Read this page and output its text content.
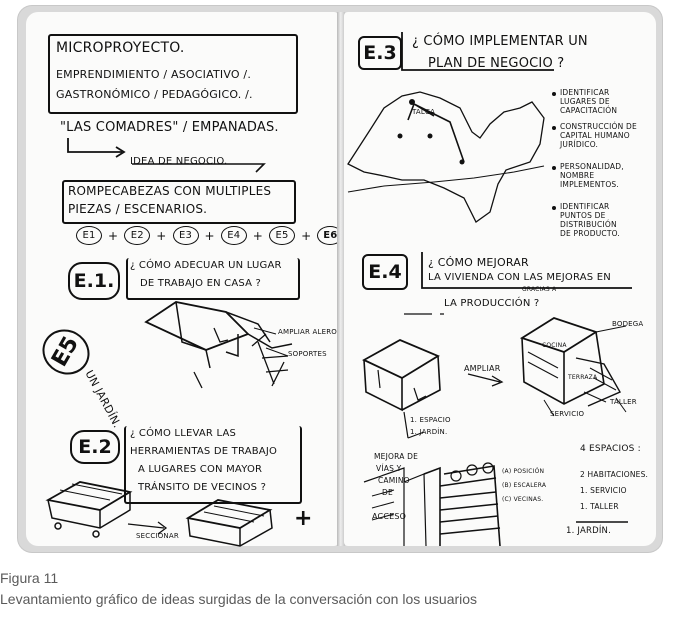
MICROPROYECTO.
EMPRENDIMIENTO / ASOCIATIVO /.
GASTRONÓMICO / PEDAGÓGICO. /.
"LAS COMADRES" / EMPANADAS.
IDEA DE NEGOCIO.
ROMPECABEZAS CON MULTIPLES
PIEZAS / ESCENARIOS.
E1	+	E2	+	E3	+	E4	+	E5	+	E6
E.1.
¿ CÓMO ADECUAR UN LUGAR
DE TRABAJO EN CASA ?
AMPLIAR ALERO
SOPORTES
E5
UN JARDÍN.
E.2
¿ CÓMO LLEVAR LAS
HERRAMIENTAS DE TRABAJO
A LUGARES CON MAYOR
TRÁNSITO DE VECINOS ?
SECCIONAR
+
E.3
¿ CÓMO IMPLEMENTAR UN
PLAN DE NEGOCIO ?
TALCA
IDENTIFICAR
LUGARES DE
CAPACITACIÓN
CONSTRUCCIÓN DE
CAPITAL HUMANO
JURÍDICO.
PERSONALIDAD,
NOMBRE
IMPLEMENTOS.
IDENTIFICAR
PUNTOS DE
DISTRIBUCIÓN
DE PRODUCTO.
E.4	¿ CÓMO MEJORAR
LA VIVIENDA CON LAS MEJORAS EN
GRACIAS A
LA PRODUCCIÓN ?
AMPLIAR
1. ESPACIO
1. JARDÍN.
BODEGA
SERVICIO
TALLER
COCINA
TERRAZA
MEJORA DE
VÍAS Y
CAMINO
DE
ACCESO
(A) POSICIÓN
(B) ESCALERA
(C) VECINAS.
4 ESPACIOS :
2 HABITACIONES.
1. SERVICIO
1. TALLER
1. JARDÍN.
Figura 11
Levantamiento gráfico de ideas surgidas de la conversación con los usuarios
